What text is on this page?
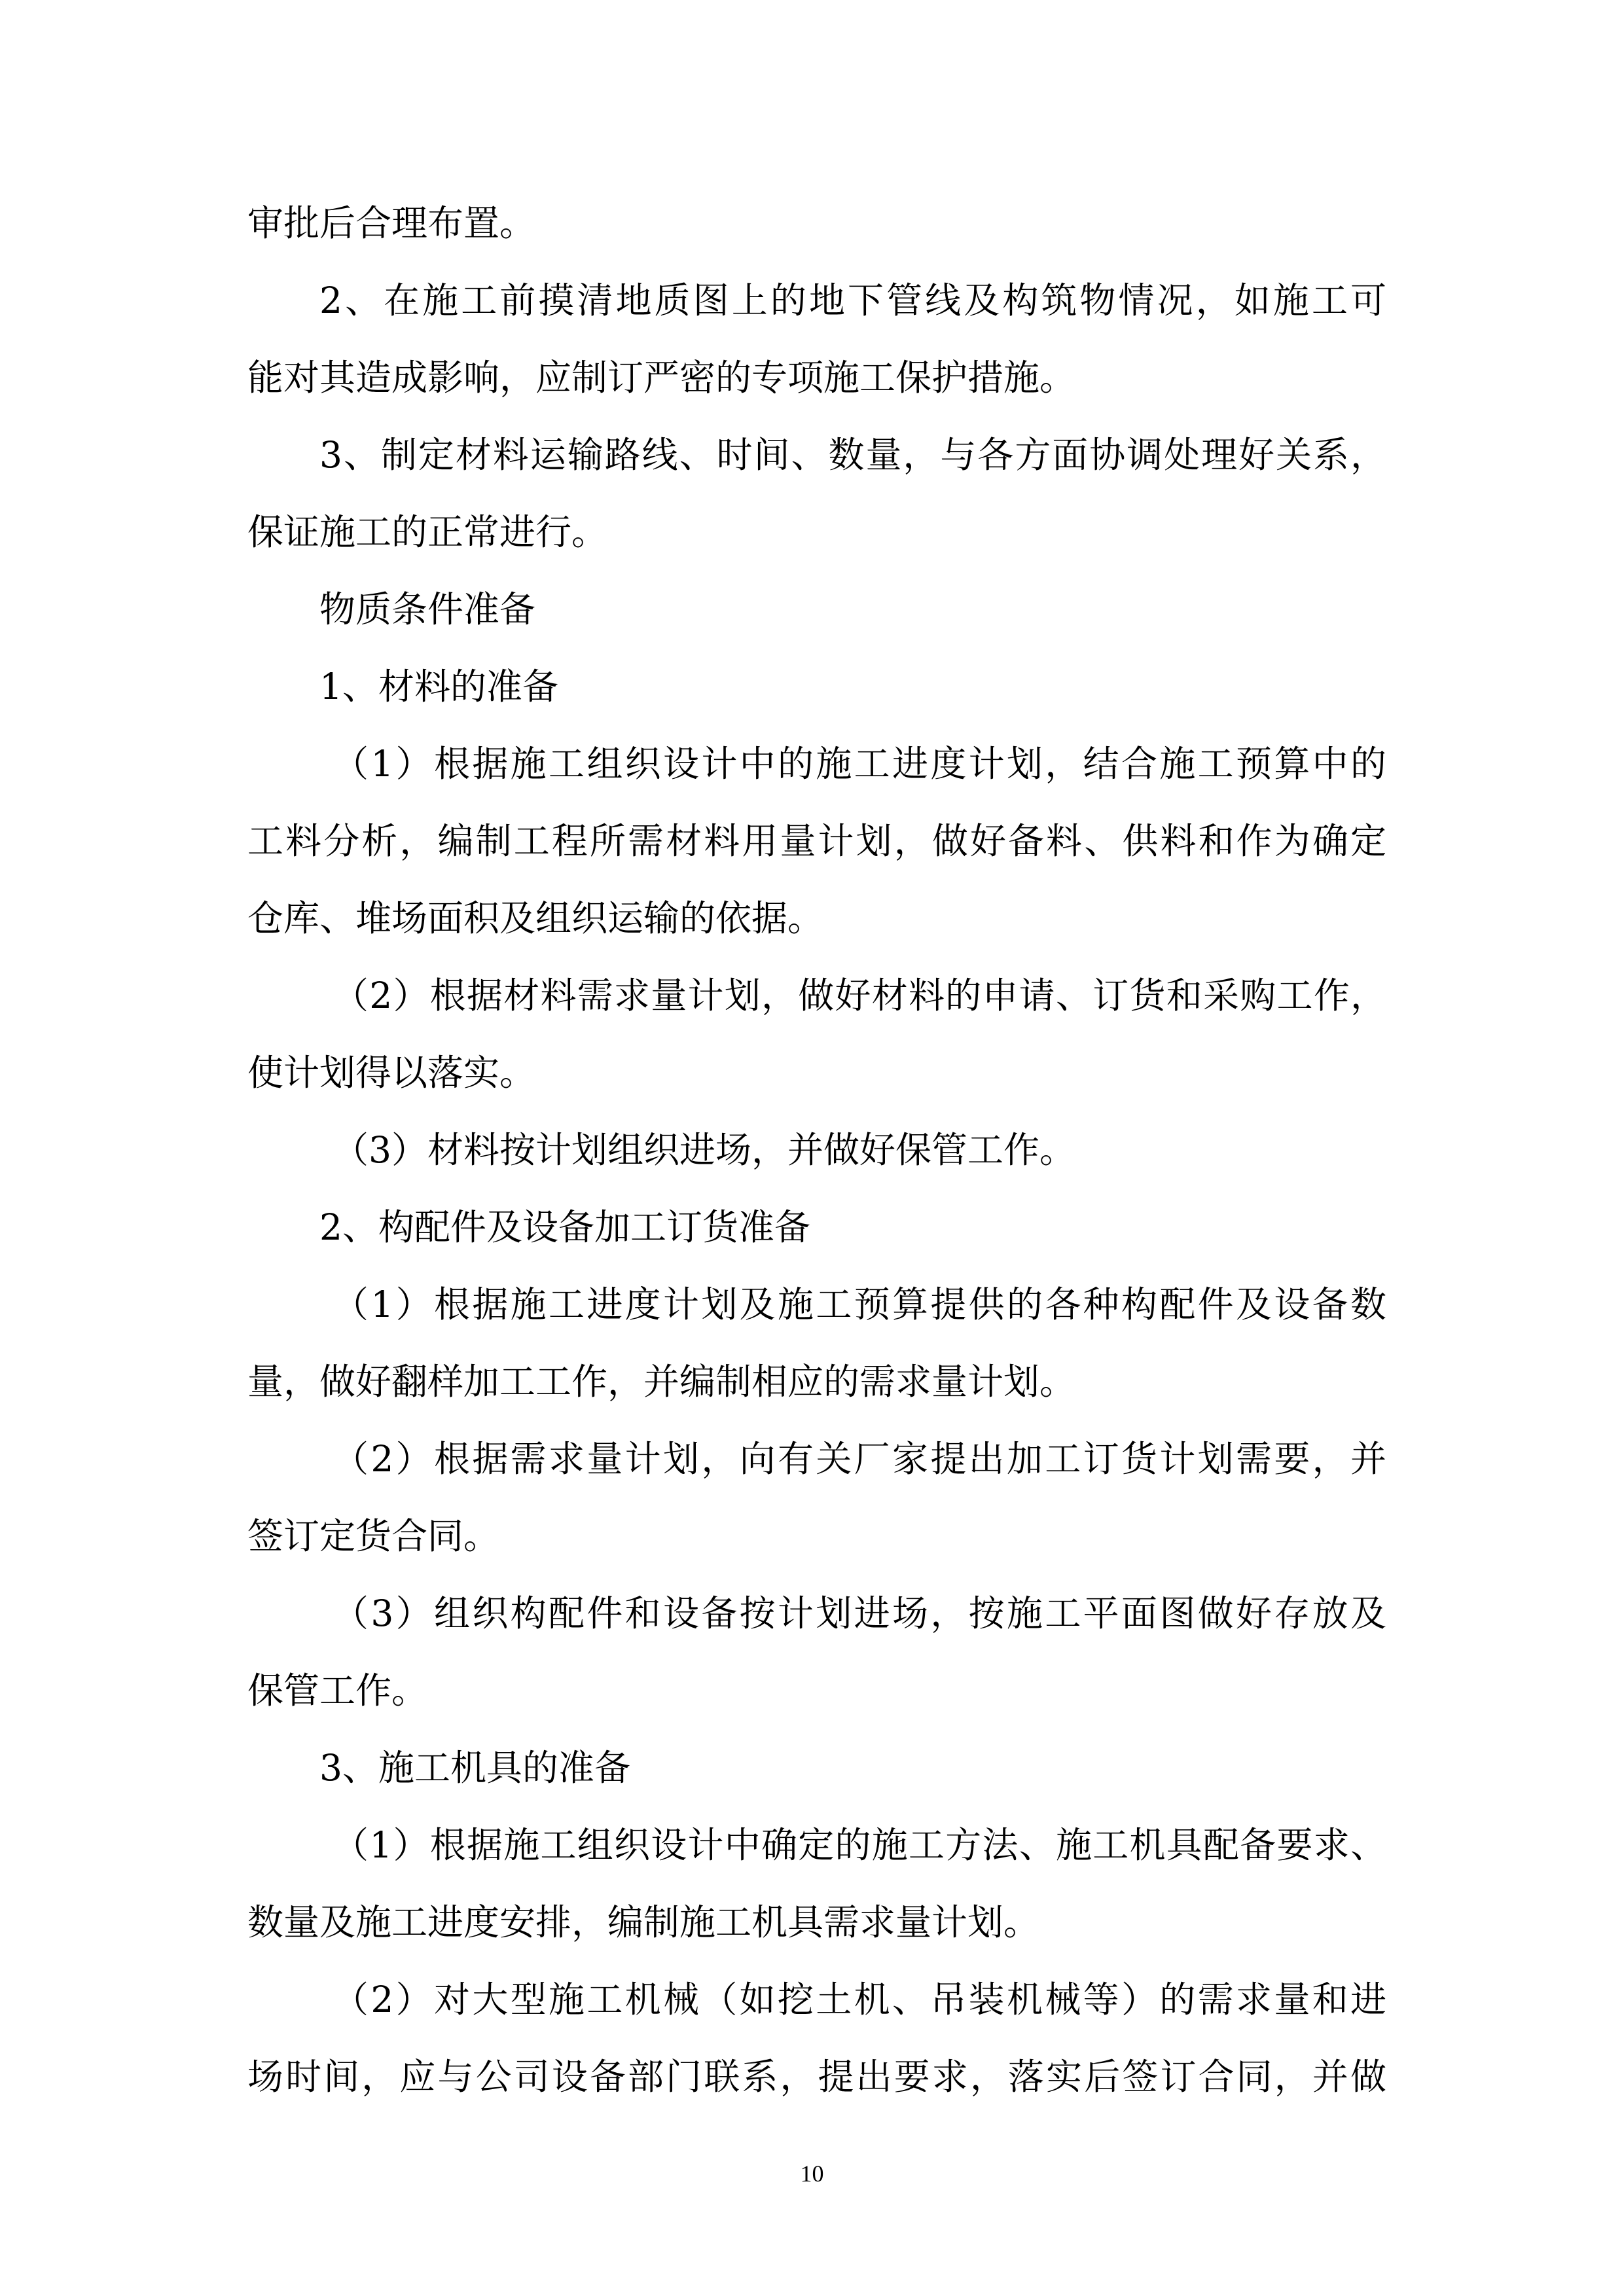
审批后合理布置。
2、在施工前摸清地质图上的地下管线及构筑物情况，如施工可
能对其造成影响，应制订严密的专项施工保护措施。
3、制定材料运输路线、时间、数量，与各方面协调处理好关系，
保证施工的正常进行。
物质条件准备
1、材料的准备
（1）根据施工组织设计中的施工进度计划，结合施工预算中的
工料分析，编制工程所需材料用量计划，做好备料、供料和作为确定
仓库、堆场面积及组织运输的依据。
（2）根据材料需求量计划，做好材料的申请、订货和采购工作，
使计划得以落实。
（3）材料按计划组织进场，并做好保管工作。
2、构配件及设备加工订货准备
（1）根据施工进度计划及施工预算提供的各种构配件及设备数
量，做好翻样加工工作，并编制相应的需求量计划。
（2）根据需求量计划，向有关厂家提出加工订货计划需要，并
签订定货合同。
（3）组织构配件和设备按计划进场，按施工平面图做好存放及
保管工作。
3、施工机具的准备
（1）根据施工组织设计中确定的施工方法、施工机具配备要求、
数量及施工进度安排，编制施工机具需求量计划。
（2）对大型施工机械（如挖土机、吊装机械等）的需求量和进
场时间，应与公司设备部门联系，提出要求，落实后签订合同，并做
10
